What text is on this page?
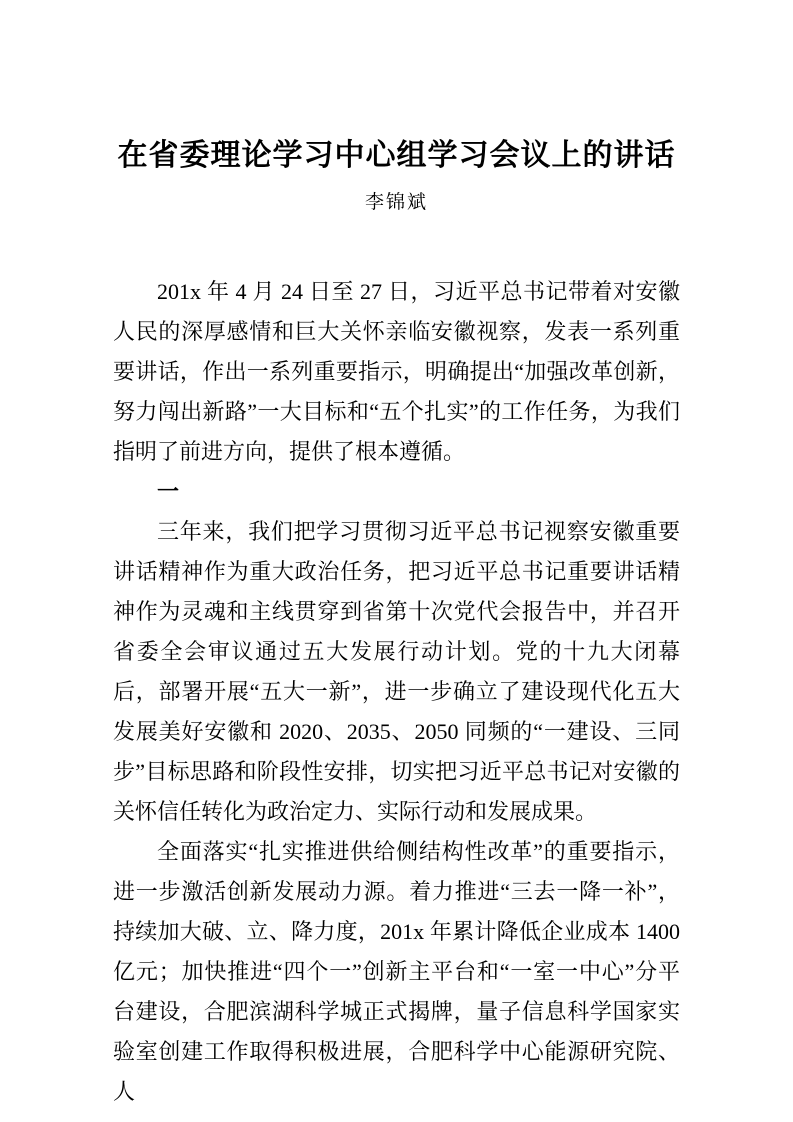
在省委理论学习中心组学习会议上的讲话
李锦斌

201x 年 4 月 24 日至 27 日，习近平总书记带着对安徽人民的深厚感情和巨大关怀亲临安徽视察，发表一系列重要讲话，作出一系列重要指示，明确提出“加强改革创新，努力闯出新路”一大目标和“五个扎实”的工作任务，为我们指明了前进方向，提供了根本遵循。

一

三年来，我们把学习贯彻习近平总书记视察安徽重要讲话精神作为重大政治任务，把习近平总书记重要讲话精神作为灵魂和主线贯穿到省第十次党代会报告中，并召开省委全会审议通过五大发展行动计划。党的十九大闭幕后，部署开展“五大一新”，进一步确立了建设现代化五大发展美好安徽和 2020、2035、2050 同频的“一建设、三同步”目标思路和阶段性安排，切实把习近平总书记对安徽的关怀信任转化为政治定力、实际行动和发展成果。

全面落实“扎实推进供给侧结构性改革”的重要指示，进一步激活创新发展动力源。着力推进“三去一降一补”，持续加大破、立、降力度，201x 年累计降低企业成本 1400 亿元；加快推进“四个一”创新主平台和“一室一中心”分平台建设，合肥滨湖科学城正式揭牌，量子信息科学国家实验室创建工作取得积极进展，合肥科学中心能源研究院、人
